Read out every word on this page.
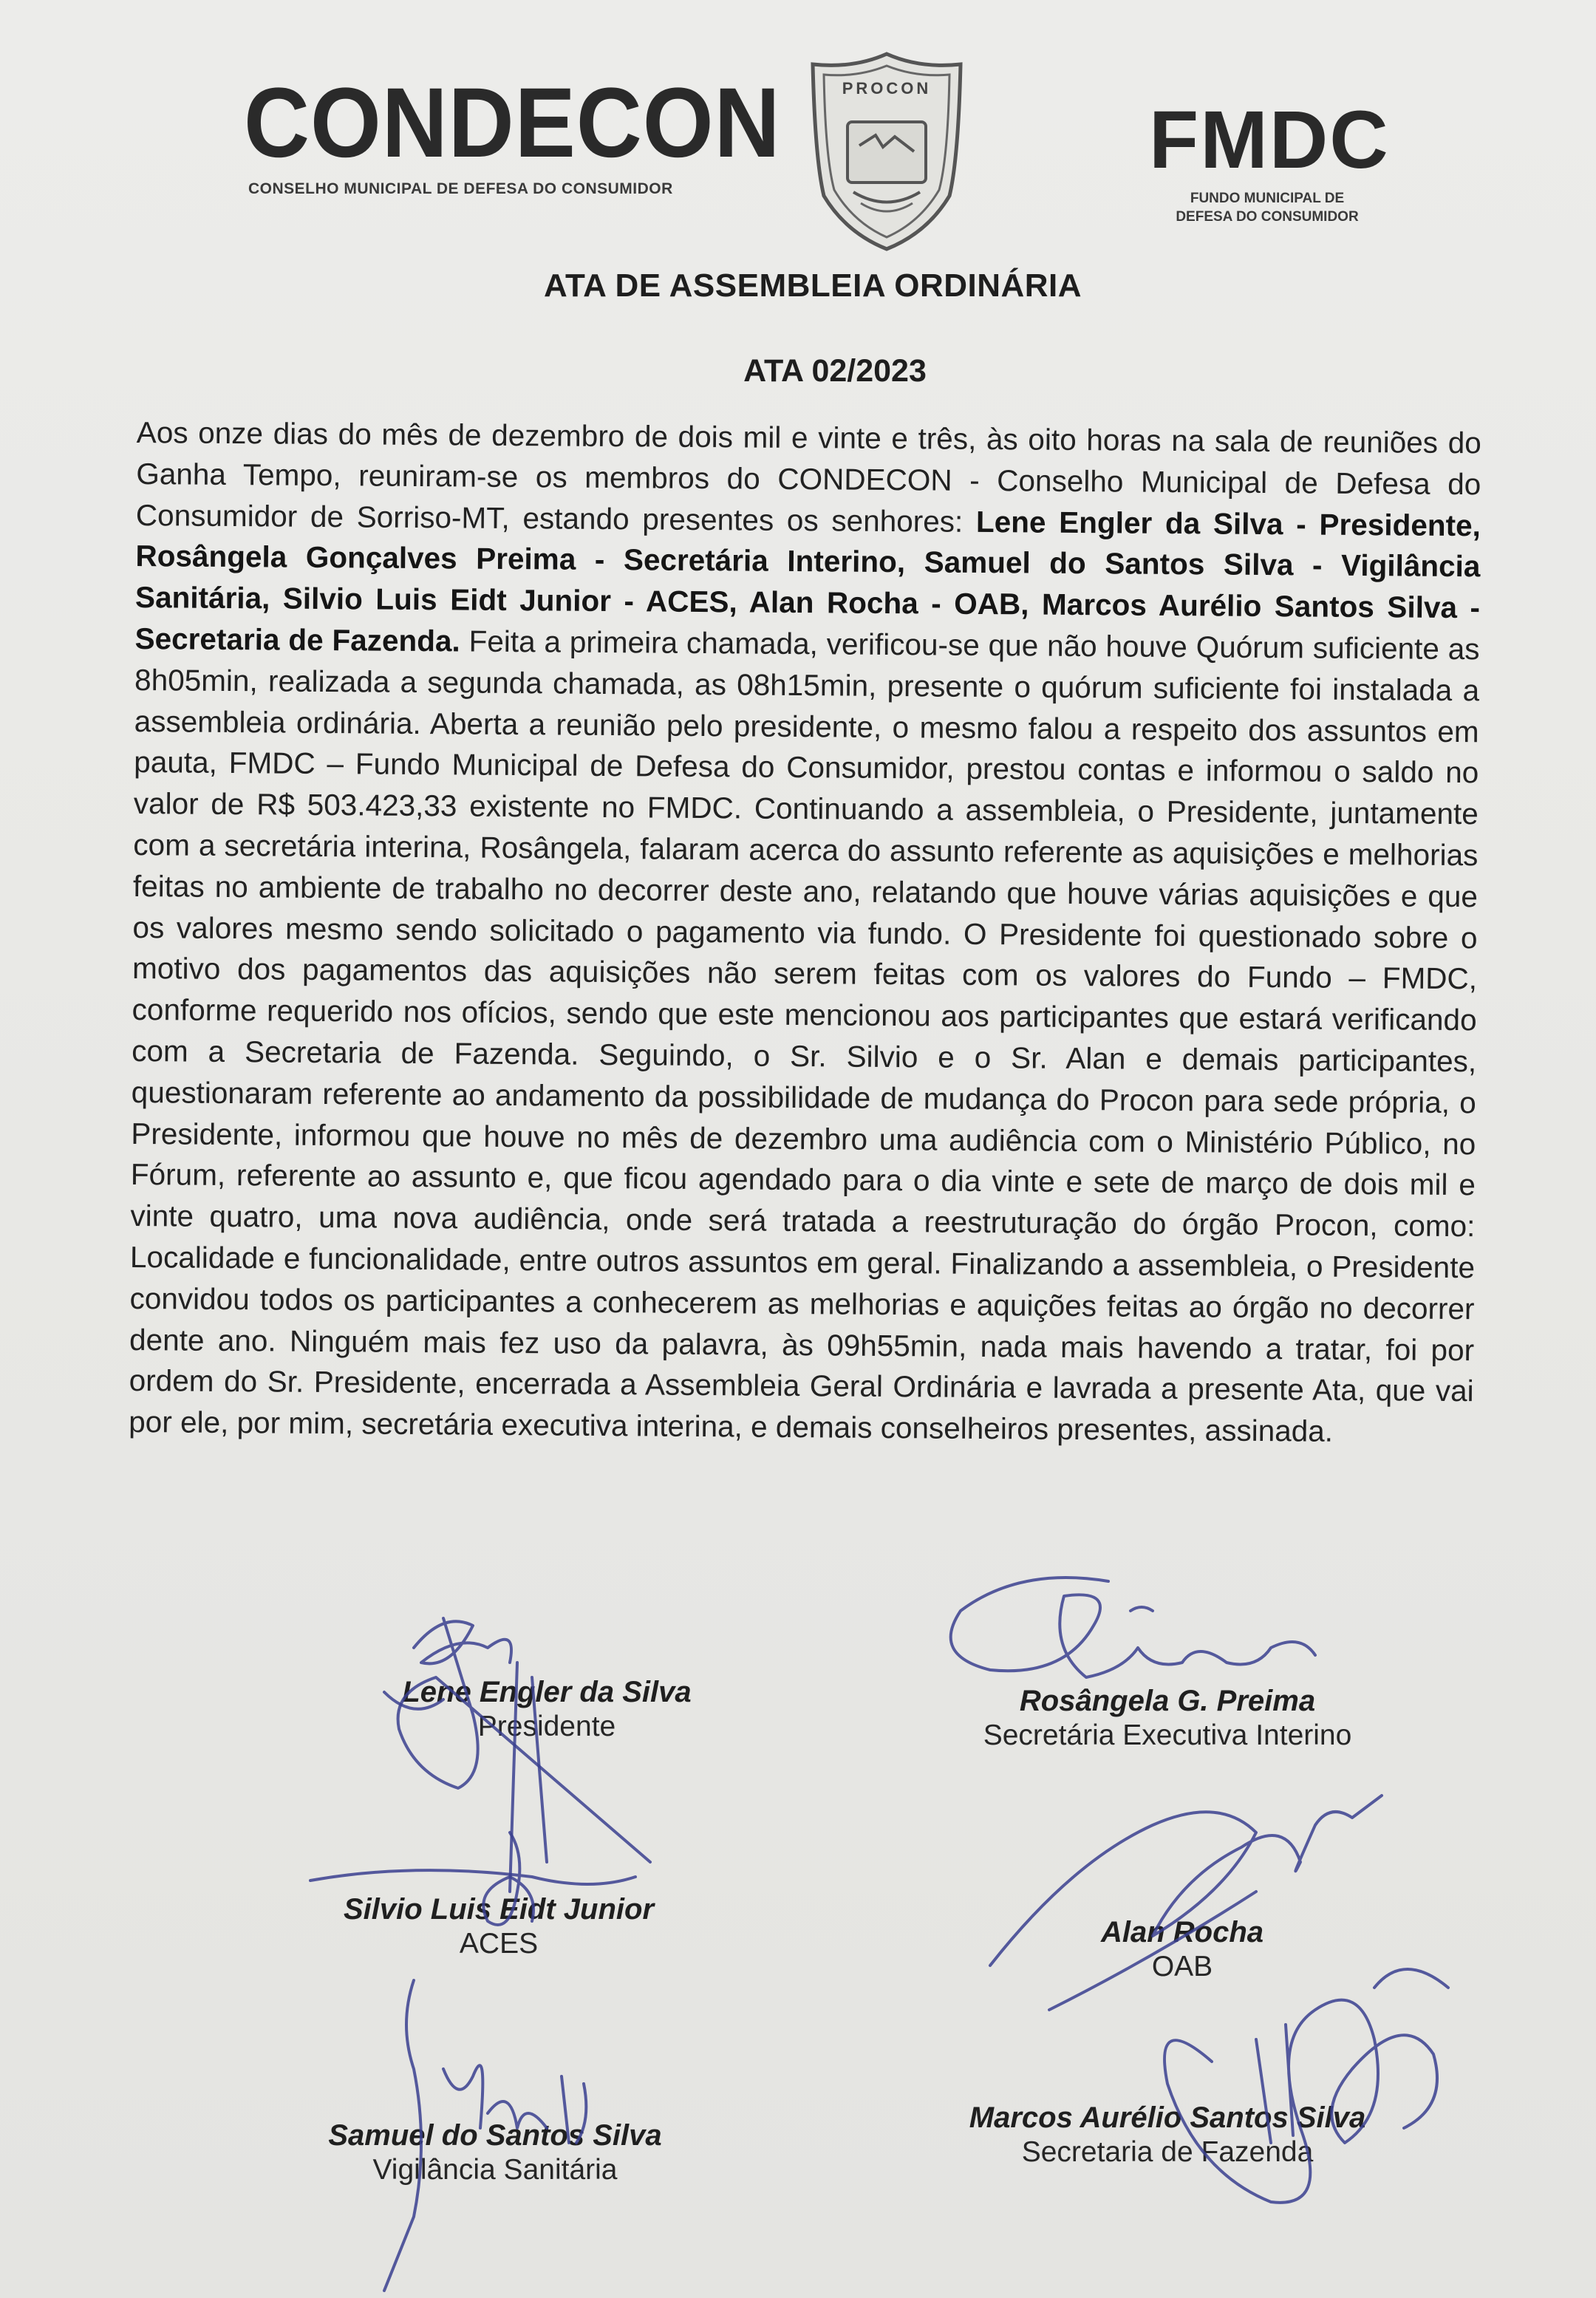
CONDECON
CONSELHO MUNICIPAL DE DEFESA DO CONSUMIDOR
PROCON
FMDC
FUNDO MUNICIPAL DE
DEFESA DO CONSUMIDOR
ATA DE ASSEMBLEIA ORDINÁRIA
ATA 02/2023
Aos onze dias do mês de dezembro de dois mil e vinte e três, às oito horas na sala de reuniões do Ganha Tempo, reuniram-se os membros do CONDECON - Conselho Municipal de Defesa do Consumidor de Sorriso-MT, estando presentes os senhores: Lene Engler da Silva - Presidente, Rosângela Gonçalves Preima - Secretária Interino, Samuel do Santos Silva - Vigilância Sanitária, Silvio Luis Eidt Junior - ACES, Alan Rocha - OAB, Marcos Aurélio Santos Silva - Secretaria de Fazenda. Feita a primeira chamada, verificou-se que não houve Quórum suficiente as 8h05min, realizada a segunda chamada, as 08h15min, presente o quórum suficiente foi instalada a assembleia ordinária. Aberta a reunião pelo presidente, o mesmo falou a respeito dos assuntos em pauta, FMDC – Fundo Municipal de Defesa do Consumidor, prestou contas e informou o saldo no valor de R$ 503.423,33 existente no FMDC. Continuando a assembleia, o Presidente, juntamente com a secretária interina, Rosângela, falaram acerca do assunto referente as aquisições e melhorias feitas no ambiente de trabalho no decorrer deste ano, relatando que houve várias aquisições e que os valores mesmo sendo solicitado o pagamento via fundo. O Presidente foi questionado sobre o motivo dos pagamentos das aquisições não serem feitas com os valores do Fundo – FMDC, conforme requerido nos ofícios, sendo que este mencionou aos participantes que estará verificando com a Secretaria de Fazenda. Seguindo, o Sr. Silvio e o Sr. Alan e demais participantes, questionaram referente ao andamento da possibilidade de mudança do Procon para sede própria, o Presidente, informou que houve no mês de dezembro uma audiência com o Ministério Público, no Fórum, referente ao assunto e, que ficou agendado para o dia vinte e sete de março de dois mil e vinte quatro, uma nova audiência, onde será tratada a reestruturação do órgão Procon, como: Localidade e funcionalidade, entre outros assuntos em geral. Finalizando a assembleia, o Presidente convidou todos os participantes a conhecerem as melhorias e aquições feitas ao órgão no decorrer dente ano. Ninguém mais fez uso da palavra, às 09h55min, nada mais havendo a tratar, foi por ordem do Sr. Presidente, encerrada a Assembleia Geral Ordinária e lavrada a presente Ata, que vai por ele, por mim, secretária executiva interina, e demais conselheiros presentes, assinada.
Lene Engler da Silva
Presidente
Rosângela G. Preima
Secretária Executiva Interino
Silvio Luis Eidt Junior
ACES	Alan Rocha
OAB
Samuel do Santos Silva
Vigilância Sanitária
Marcos Aurélio Santos Silva
Secretaria de Fazenda
